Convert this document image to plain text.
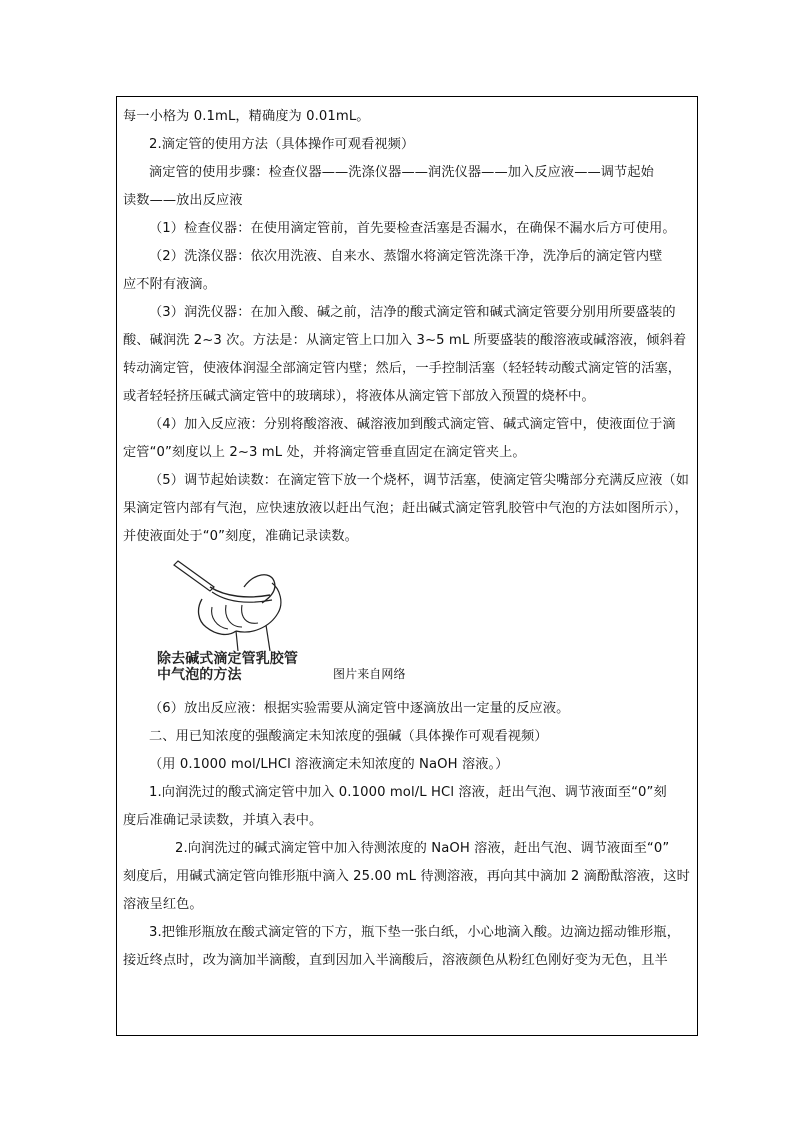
每一小格为 0.1mL，精确度为 0.01mL。

2.滴定管的使用方法（具体操作可观看视频）

滴定管的使用步骤：检查仪器——洗涤仪器——润洗仪器——加入反应液——调节起始

读数——放出反应液

（1）检查仪器：在使用滴定管前，首先要检查活塞是否漏水，在确保不漏水后方可使用。

（2）洗涤仪器：依次用洗液、自来水、蒸馏水将滴定管洗涤干净，洗净后的滴定管内壁

应不附有液滴。

（3）润洗仪器：在加入酸、碱之前，洁净的酸式滴定管和碱式滴定管要分别用所要盛装的

酸、碱润洗 2~3 次。方法是：从滴定管上口加入 3~5 mL 所要盛装的酸溶液或碱溶液，倾斜着
转动滴定管，使液体润湿全部滴定管内壁；然后，一手控制活塞（轻轻转动酸式滴定管的活塞，
或者轻轻挤压碱式滴定管中的玻璃球），将液体从滴定管下部放入预置的烧杯中。

（4）加入反应液：分别将酸溶液、碱溶液加到酸式滴定管、碱式滴定管中，使液面位于滴

定管“0”刻度以上 2~3 mL 处，并将滴定管垂直固定在滴定管夹上。

（5）调节起始读数：在滴定管下放一个烧杯，调节活塞，使滴定管尖嘴部分充满反应液（如

果滴定管内部有气泡，应快速放液以赶出气泡；赶出碱式滴定管乳胶管中气泡的方法如图所示），
并使液面处于“0”刻度，准确记录读数。

除去碱式滴定管乳胶管
中气泡的方法	图片来自网络

（6）放出反应液：根据实验需要从滴定管中逐滴放出一定量的反应液。

二、用已知浓度的强酸滴定未知浓度的强碱（具体操作可观看视频）

（用 0.1000 mol/LHCl 溶液滴定未知浓度的 NaOH 溶液。）

1.向润洗过的酸式滴定管中加入 0.1000 mol/L HCl 溶液，赶出气泡、调节液面至“0”刻

度后准确记录读数，并填入表中。

2.向润洗过的碱式滴定管中加入待测浓度的 NaOH 溶液，赶出气泡、调节液面至“0”

刻度后，用碱式滴定管向锥形瓶中滴入 25.00 mL 待测溶液，再向其中滴加 2 滴酚酞溶液，这时
溶液呈红色。

3.把锥形瓶放在酸式滴定管的下方，瓶下垫一张白纸，小心地滴入酸。边滴边摇动锥形瓶，

接近终点时，改为滴加半滴酸，直到因加入半滴酸后，溶液颜色从粉红色刚好变为无色，且半
